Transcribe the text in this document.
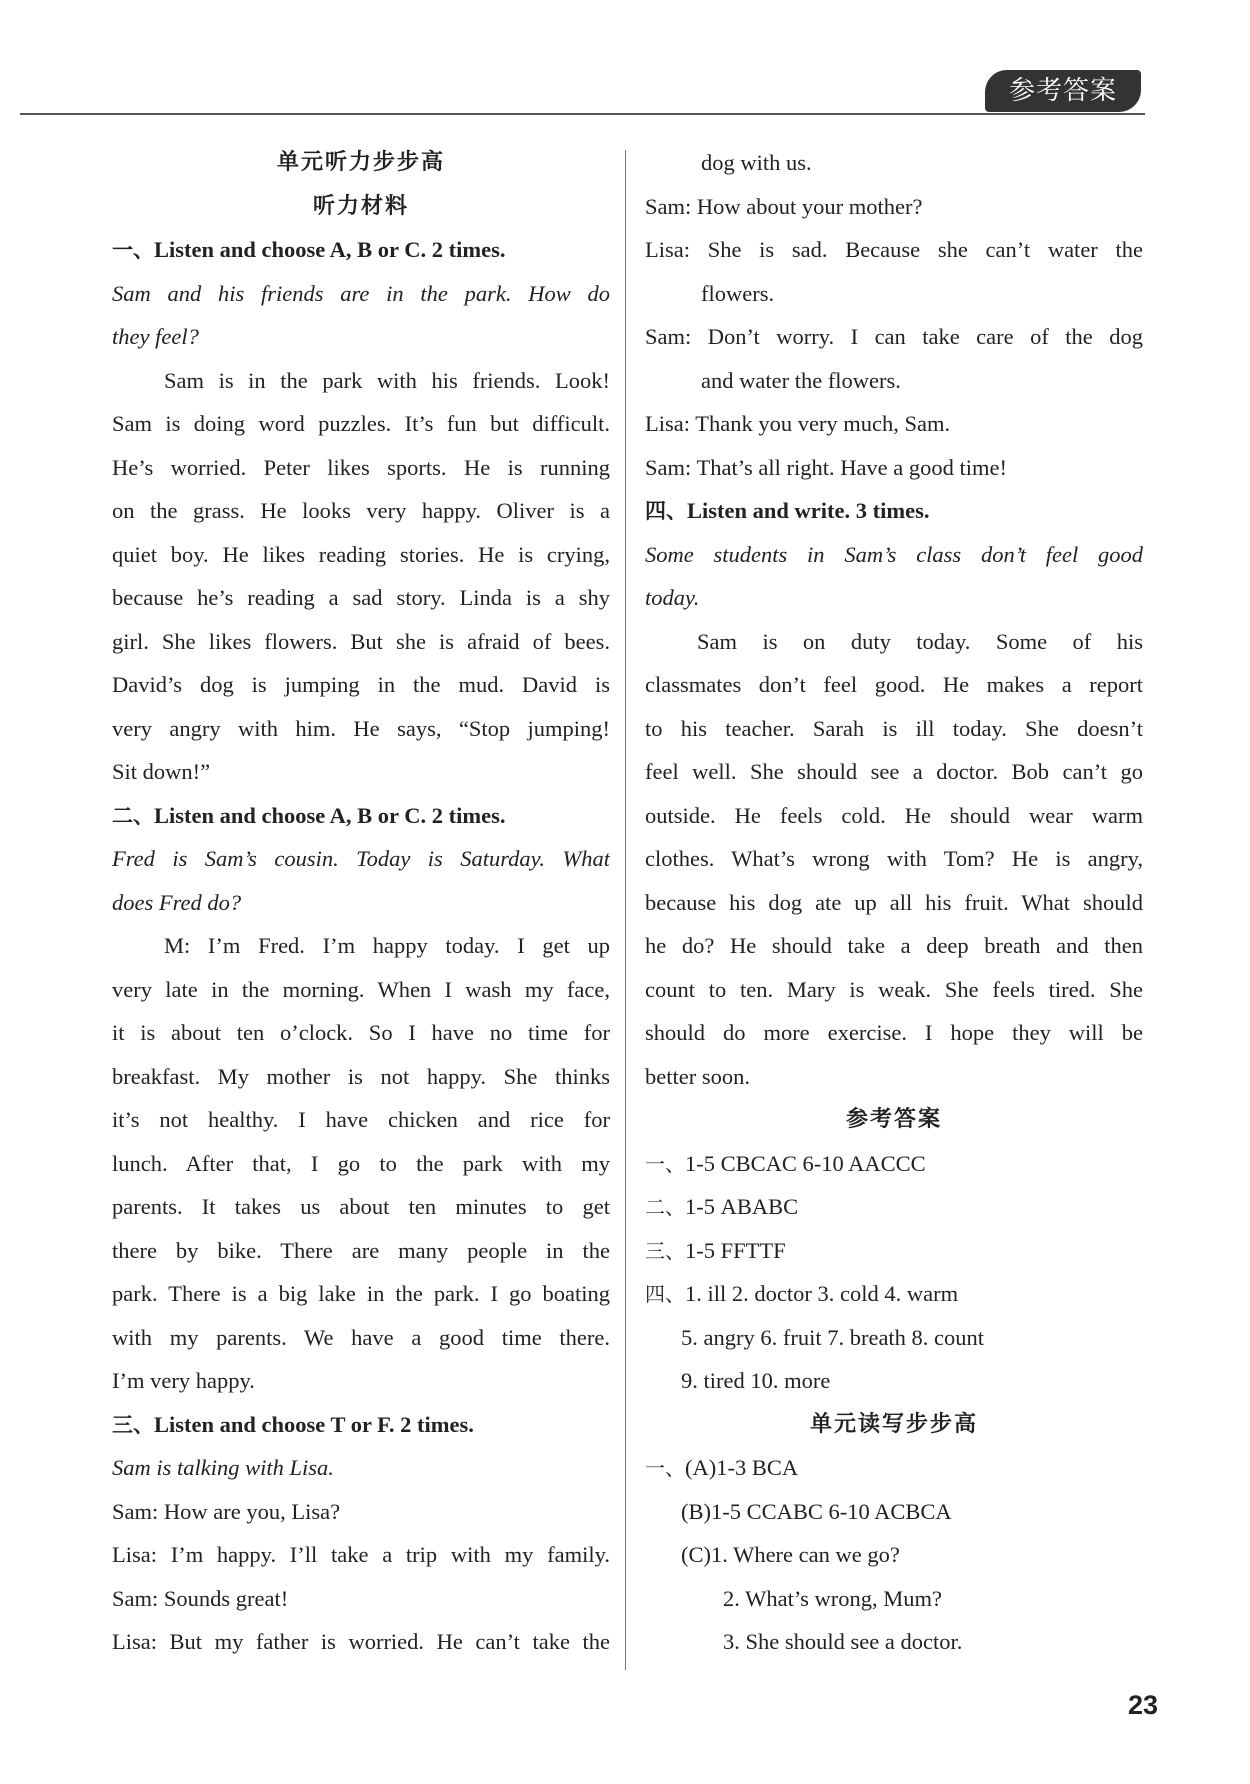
参考答案
单元听力步步高
听力材料
一、Listen and choose A, B or C. 2 times.
Sam and his friends are in the park. How do
they feel?
Sam is in the park with his friends. Look!
Sam is doing word puzzles. It’s fun but difficult.
He’s worried. Peter likes sports. He is running
on the grass. He looks very happy. Oliver is a
quiet boy. He likes reading stories. He is crying,
because he’s reading a sad story. Linda is a shy
girl. She likes flowers. But she is afraid of bees.
David’s dog is jumping in the mud. David is
very angry with him. He says, “Stop jumping!
Sit down!”
二、Listen and choose A, B or C. 2 times.
Fred is Sam’s cousin. Today is Saturday. What
does Fred do?
M: I’m Fred. I’m happy today. I get up
very late in the morning. When I wash my face,
it is about ten o’clock. So I have no time for
breakfast. My mother is not happy. She thinks
it’s not healthy. I have chicken and rice for
lunch. After that, I go to the park with my
parents. It takes us about ten minutes to get
there by bike. There are many people in the
park. There is a big lake in the park. I go boating
with my parents. We have a good time there.
I’m very happy.
三、Listen and choose T or F. 2 times.
Sam is talking with Lisa.
Sam: How are you, Lisa?
Lisa: I’m happy. I’ll take a trip with my family.
Sam: Sounds great!
Lisa: But my father is worried. He can’t take the
dog with us.
Sam: How about your mother?
Lisa: She is sad. Because she can’t water the
flowers.
Sam: Don’t worry. I can take care of the dog
and water the flowers.
Lisa: Thank you very much, Sam.
Sam: That’s all right. Have a good time!
四、Listen and write. 3 times.
Some students in Sam’s class don’t feel good
today.
Sam is on duty today. Some of his
classmates don’t feel good. He makes a report
to his teacher. Sarah is ill today. She doesn’t
feel well. She should see a doctor. Bob can’t go
outside. He feels cold. He should wear warm
clothes. What’s wrong with Tom? He is angry,
because his dog ate up all his fruit. What should
he do? He should take a deep breath and then
count to ten. Mary is weak. She feels tired. She
should do more exercise. I hope they will be
better soon.
参考答案
一、1-5 CBCAC 6-10 AACCC
二、1-5 ABABC
三、1-5 FFTTF
四、1. ill 2. doctor 3. cold 4. warm
5. angry 6. fruit 7. breath 8. count
9. tired 10. more
单元读写步步高
一、(A)1-3 BCA
(B)1-5 CCABC 6-10 ACBCA
(C)1. Where can we go?
2. What’s wrong, Mum?
3. She should see a doctor.
23
